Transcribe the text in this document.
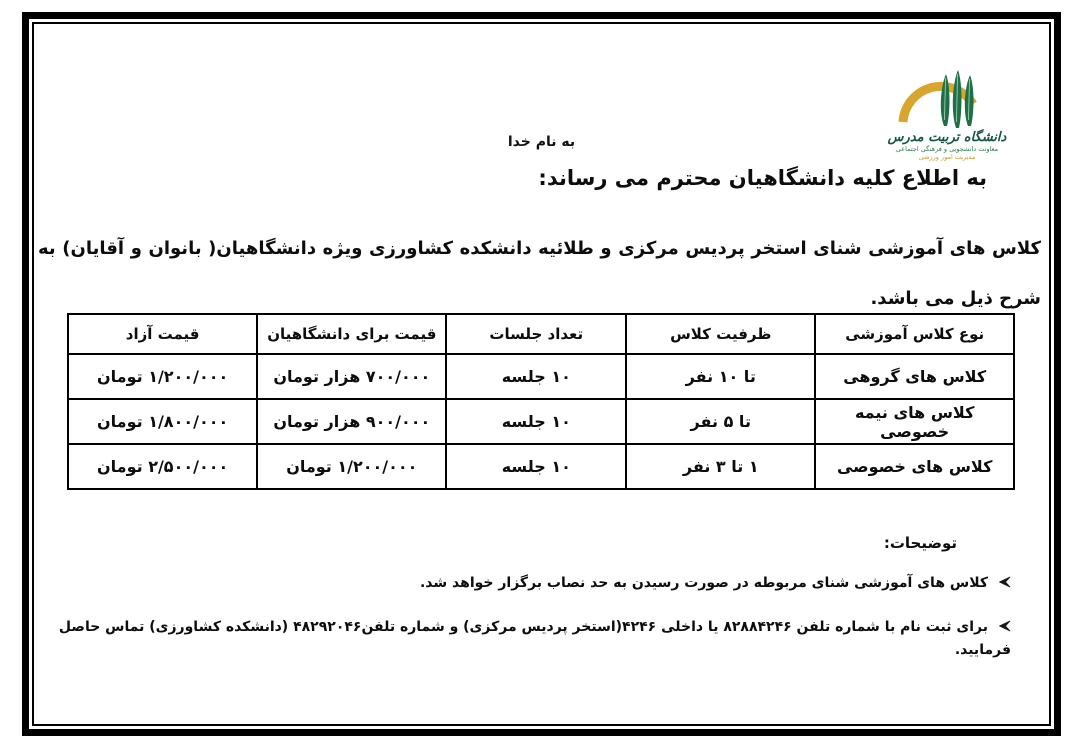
دانشگاه تربیت مدرس
معاونت دانشجویی و فرهنگی اجتماعی
مدیریت امور ورزشی
به نام خدا
به اطلاع کلیه دانشگاهیان محترم می رساند:
کلاس های آموزشی شنای استخر پردیس مرکزی و طلائیه دانشکده کشاورزی ویژه دانشگاهیان( بانوان و آقایان) به شرح ذیل می باشد.
نوع کلاس آموزشی	ظرفیت کلاس	تعداد جلسات	قیمت برای دانشگاهیان	قیمت آزاد
کلاس های گروهی	تا ۱۰ نفر	۱۰ جلسه	۷۰۰/۰۰۰ هزار تومان	۱/۲۰۰/۰۰۰ تومان
کلاس های نیمه خصوصی	تا ۵ نفر	۱۰ جلسه	۹۰۰/۰۰۰ هزار تومان	۱/۸۰۰/۰۰۰ تومان
کلاس های خصوصی	۱ تا ۳ نفر	۱۰ جلسه	۱/۲۰۰/۰۰۰ تومان	۲/۵۰۰/۰۰۰ تومان
توضیحات:
کلاس های آموزشی شنای مربوطه در صورت رسیدن به حد نصاب برگزار خواهد شد.
برای ثبت نام با شماره تلفن ۸۲۸۸۴۲۴۶ یا داخلی ۴۲۴۶(استخر پردیس مرکزی) و شماره تلفن۴۸۲۹۲۰۴۶ (دانشکده کشاورزی) تماس حاصل فرمایید.
